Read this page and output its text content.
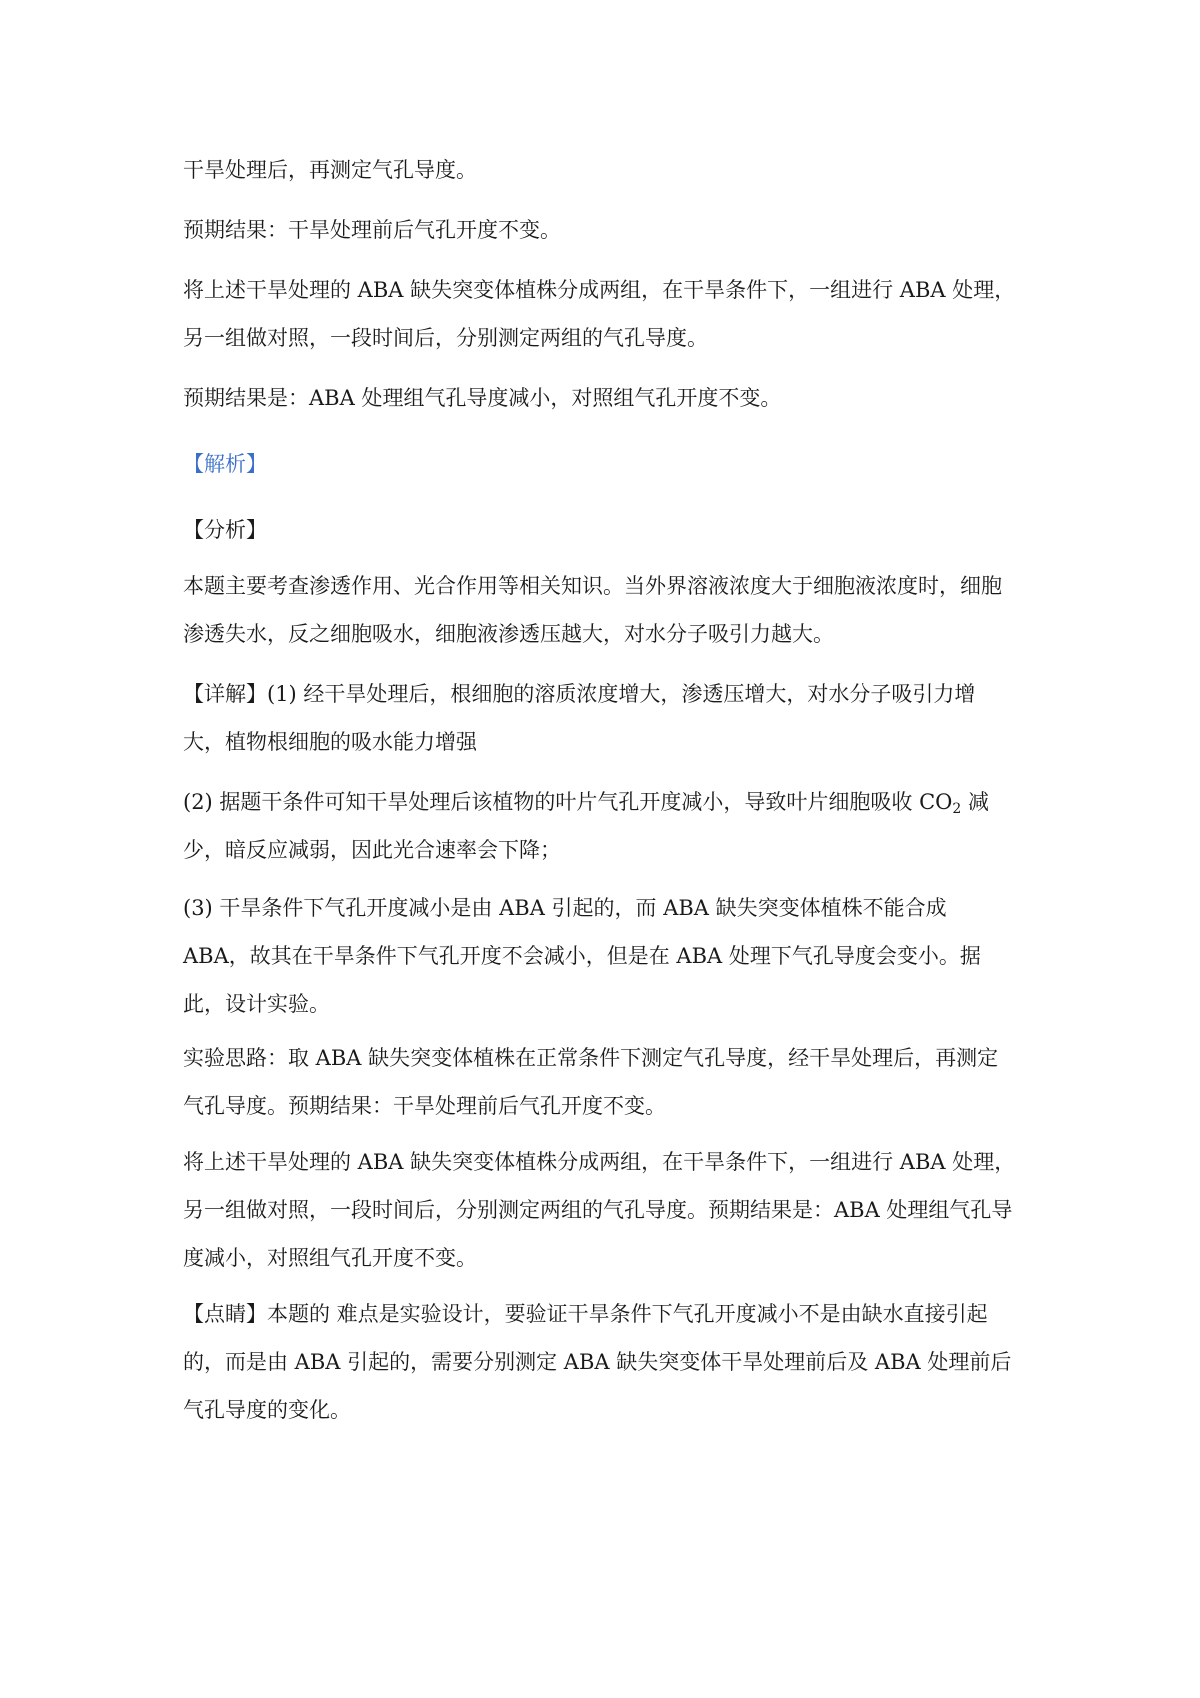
干旱处理后，再测定气孔导度。
预期结果：干旱处理前后气孔开度不变。
将上述干旱处理的 ABA 缺失突变体植株分成两组，在干旱条件下，一组进行 ABA 处理，
另一组做对照，一段时间后，分别测定两组的气孔导度。
预期结果是：ABA 处理组气孔导度减小，对照组气孔开度不变。
【解析】
【分析】
本题主要考查渗透作用、光合作用等相关知识。当外界溶液浓度大于细胞液浓度时，细胞
渗透失水，反之细胞吸水，细胞液渗透压越大，对水分子吸引力越大。
【详解】(1) 经干旱处理后，根细胞的溶质浓度增大，渗透压增大，对水分子吸引力增
大，植物根细胞的吸水能力增强
(2) 据题干条件可知干旱处理后该植物的叶片气孔开度减小，导致叶片细胞吸收 $CO_2$ 减
少，暗反应减弱，因此光合速率会下降；
(3) 干旱条件下气孔开度减小是由 ABA 引起的，而 ABA 缺失突变体植株不能合成
ABA，故其在干旱条件下气孔开度不会减小，但是在 ABA 处理下气孔导度会变小。据
此，设计实验。
实验思路：取 ABA 缺失突变体植株在正常条件下测定气孔导度，经干旱处理后，再测定
气孔导度。预期结果：干旱处理前后气孔开度不变。
将上述干旱处理的 ABA 缺失突变体植株分成两组，在干旱条件下，一组进行 ABA 处理，
另一组做对照，一段时间后，分别测定两组的气孔导度。预期结果是：ABA 处理组气孔导
度减小，对照组气孔开度不变。
【点睛】本题的 难点是实验设计，要验证干旱条件下气孔开度减小不是由缺水直接引起
的，而是由 ABA 引起的，需要分别测定 ABA 缺失突变体干旱处理前后及 ABA 处理前后
气孔导度的变化。
